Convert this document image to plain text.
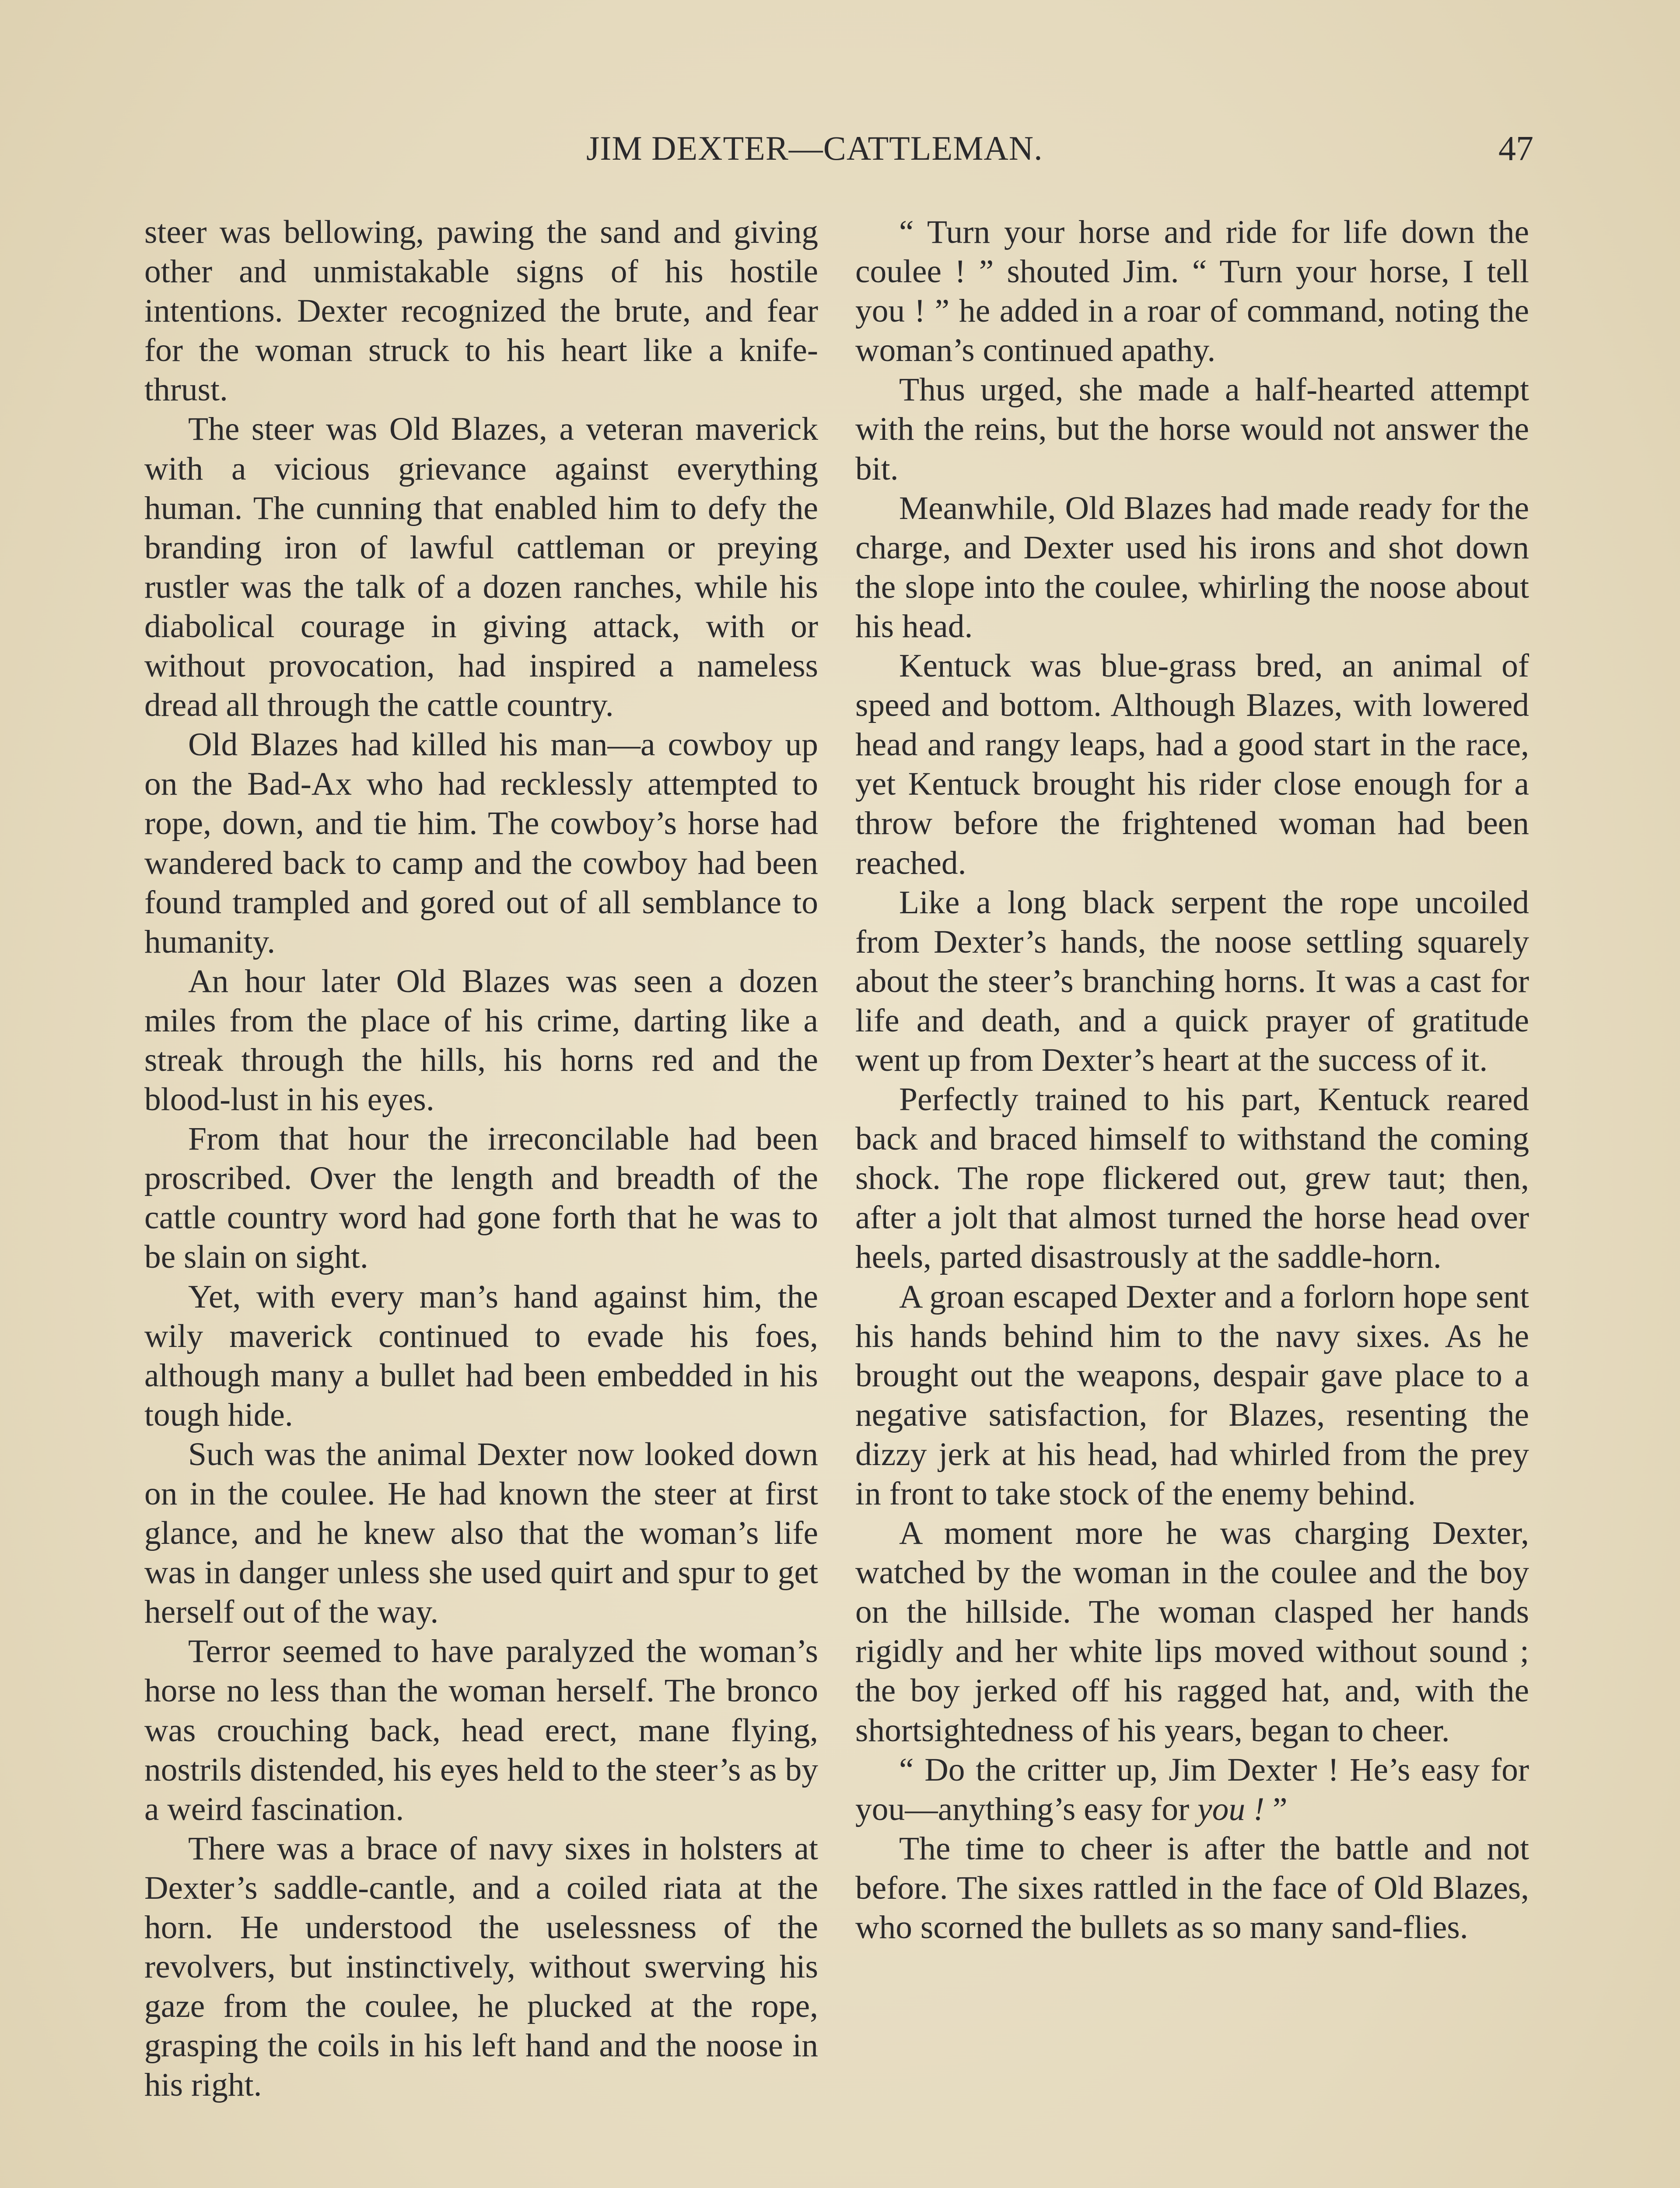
JIM DEXTER—CATTLEMAN.	47

steer was bellowing, pawing the sand and giving other and unmistakable signs of his hostile intentions. Dexter recognized the brute, and fear for the woman struck to his heart like a knife-thrust.

The steer was Old Blazes, a veteran maverick with a vicious grievance against everything human. The cunning that enabled him to defy the branding iron of lawful cattleman or preying rustler was the talk of a dozen ranches, while his diabolical courage in giving attack, with or without provocation, had inspired a nameless dread all through the cattle country.

Old Blazes had killed his man—a cowboy up on the Bad-Ax who had recklessly attempted to rope, down, and tie him. The cowboy’s horse had wandered back to camp and the cowboy had been found trampled and gored out of all semblance to humanity.

An hour later Old Blazes was seen a dozen miles from the place of his crime, darting like a streak through the hills, his horns red and the blood-lust in his eyes.

From that hour the irreconcilable had been proscribed. Over the length and breadth of the cattle country word had gone forth that he was to be slain on sight.

Yet, with every man’s hand against him, the wily maverick continued to evade his foes, although many a bullet had been embedded in his tough hide.

Such was the animal Dexter now looked down on in the coulee. He had known the steer at first glance, and he knew also that the woman’s life was in danger unless she used quirt and spur to get herself out of the way.

Terror seemed to have paralyzed the woman’s horse no less than the woman herself. The bronco was crouching back, head erect, mane flying, nostrils distended, his eyes held to the steer’s as by a weird fascination.

There was a brace of navy sixes in holsters at Dexter’s saddle-cantle, and a coiled riata at the horn. He understood the uselessness of the revolvers, but instinctively, without swerving his gaze from the coulee, he plucked at the rope, grasping the coils in his left hand and the noose in his right.

“ Turn your horse and ride for life down the coulee ! ” shouted Jim. “ Turn your horse, I tell you ! ” he added in a roar of command, noting the woman’s continued apathy.

Thus urged, she made a half-hearted attempt with the reins, but the horse would not answer the bit.

Meanwhile, Old Blazes had made ready for the charge, and Dexter used his irons and shot down the slope into the coulee, whirling the noose about his head.

Kentuck was blue-grass bred, an animal of speed and bottom. Although Blazes, with lowered head and rangy leaps, had a good start in the race, yet Kentuck brought his rider close enough for a throw before the frightened woman had been reached.

Like a long black serpent the rope uncoiled from Dexter’s hands, the noose settling squarely about the steer’s branching horns. It was a cast for life and death, and a quick prayer of gratitude went up from Dexter’s heart at the success of it.

Perfectly trained to his part, Kentuck reared back and braced himself to withstand the coming shock. The rope flickered out, grew taut; then, after a jolt that almost turned the horse head over heels, parted disastrously at the saddle-horn.

A groan escaped Dexter and a forlorn hope sent his hands behind him to the navy sixes. As he brought out the weapons, despair gave place to a negative satisfaction, for Blazes, resenting the dizzy jerk at his head, had whirled from the prey in front to take stock of the enemy behind.

A moment more he was charging Dexter, watched by the woman in the coulee and the boy on the hillside. The woman clasped her hands rigidly and her white lips moved without sound ; the boy jerked off his ragged hat, and, with the shortsightedness of his years, began to cheer.

“ Do the critter up, Jim Dexter ! He’s easy for you—anything’s easy for you ! ”

The time to cheer is after the battle and not before. The sixes rattled in the face of Old Blazes, who scorned the bullets as so many sand-flies.
